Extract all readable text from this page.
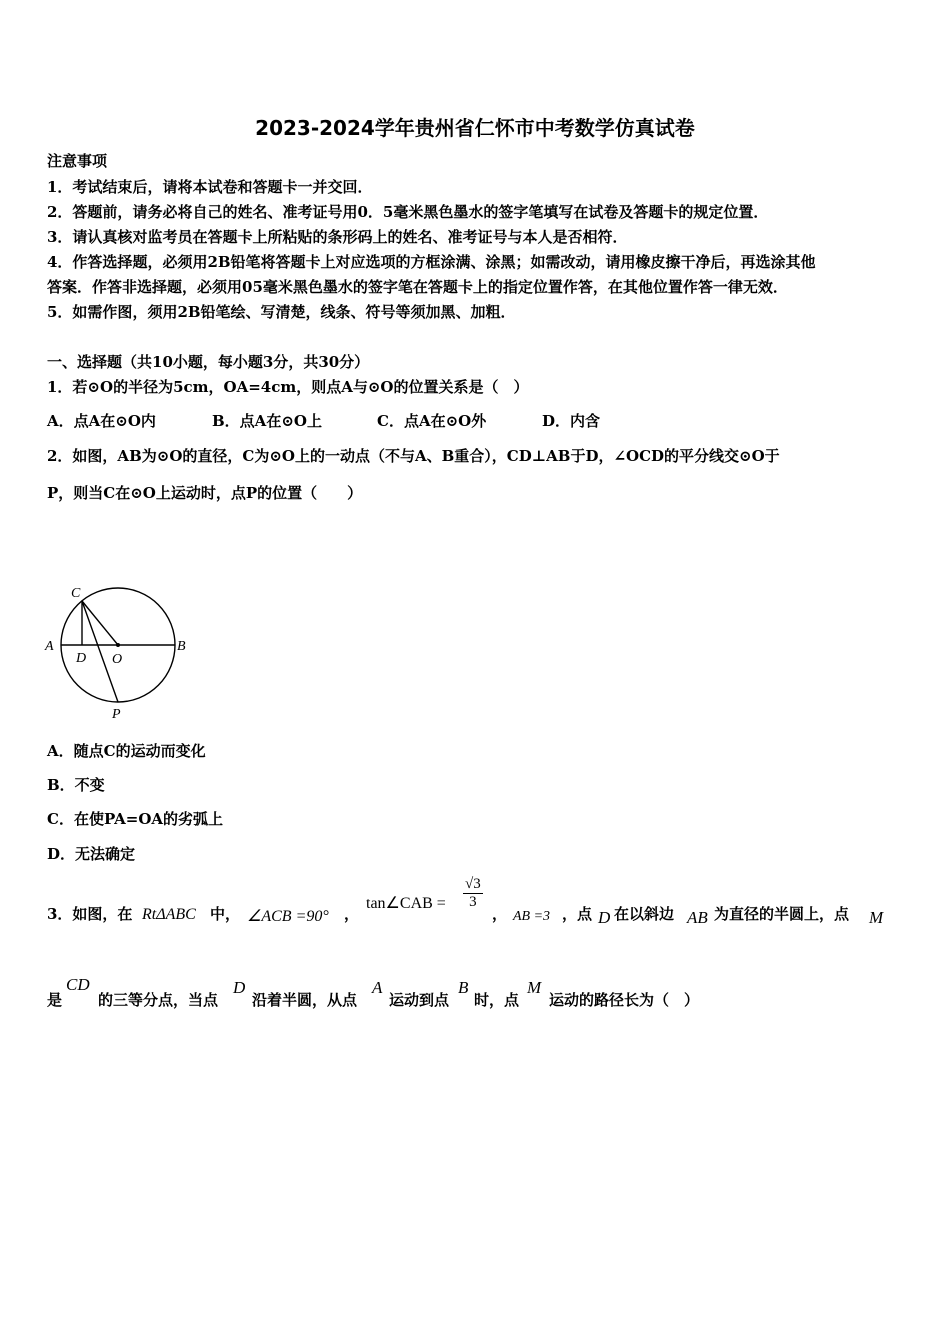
2023-2024学年贵州省仁怀市中考数学仿真试卷
注意事项
1．考试结束后，请将本试卷和答题卡一并交回．
2．答题前，请务必将自己的姓名、准考证号用0．5毫米黑色墨水的签字笔填写在试卷及答题卡的规定位置．
3．请认真核对监考员在答题卡上所粘贴的条形码上的姓名、准考证号与本人是否相符．
4．作答选择题，必须用2B铅笔将答题卡上对应选项的方框涂满、涂黑；如需改动，请用橡皮擦干净后，再选涂其他
答案．作答非选择题，必须用05毫米黑色墨水的签字笔在答题卡上的指定位置作答，在其他位置作答一律无效．
5．如需作图，须用2B铅笔绘、写清楚，线条、符号等须加黑、加粗．
一、选择题（共10小题，每小题3分，共30分）
1．若⊙O的半径为5cm，OA=4cm，则点A与⊙O的位置关系是（　）
A．点A在⊙O内	B．点A在⊙O上	C．点A在⊙O外	D．内含
2．如图，AB为⊙O的直径，C为⊙O上的一动点（不与A、B重合），CD⊥AB于D，∠OCD的平分线交⊙O于
P，则当C在⊙O上运动时，点P的位置（　　）
C
A
D O
B
P
A．随点C的运动而变化
B．不变
C．在使PA=OA的劣弧上
D．无法确定
3．如图，在 RtΔABC 中， ∠ACB =90° ，
tan∠CAB = $\frac{√3}{3}$
， AB =3 ，点 D 在以斜边 AB 为直径的半圆上，点 M
是
CD
的三等分点，当点
D
沿着半圆，从点
A
运动到点
B
时，点
M
运动的路径长为（　）
